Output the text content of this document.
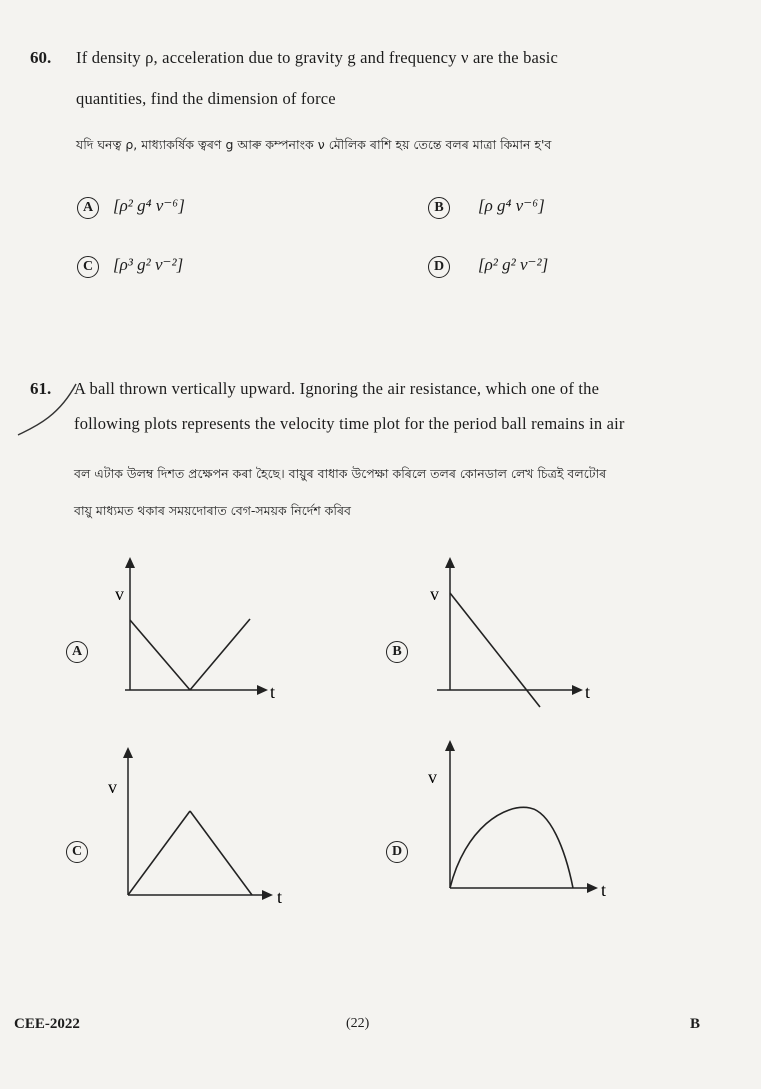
60. If density ρ, acceleration due to gravity g and frequency ν are the basic
quantities, find the dimension of force
যদি ঘনত্ব ρ, মাধ্যাকৰ্ষিক ত্বৰণ g আৰু কম্পনাংক ν মৌলিক ৰাশি হয় তেন্তে বলৰ মাত্ৰা কিমান হ'ব
A	[ρ² g⁴ ν⁻⁶]	B	[ρ g⁴ ν⁻⁶]
C	[ρ³ g² ν⁻²]	D	[ρ² g² ν⁻²]
61. A ball thrown vertically upward. Ignoring the air resistance, which one of the
following plots represents the velocity time plot for the period ball remains in air
বল এটাক উলম্ব দিশত প্ৰক্ষেপন কৰা হৈছে। বায়ুৰ বাধাক উপেক্ষা কৰিলে তলৰ কোনডাল লেখ চিত্ৰই বলটোৰ
বায়ু মাধ্যমত থকাৰ সময়দোৰাত বেগ-সময়ক নিৰ্দেশ কৰিব
A
v
t
B
v
t
C
v
t
D
v
t
CEE-2022	(22)	B
